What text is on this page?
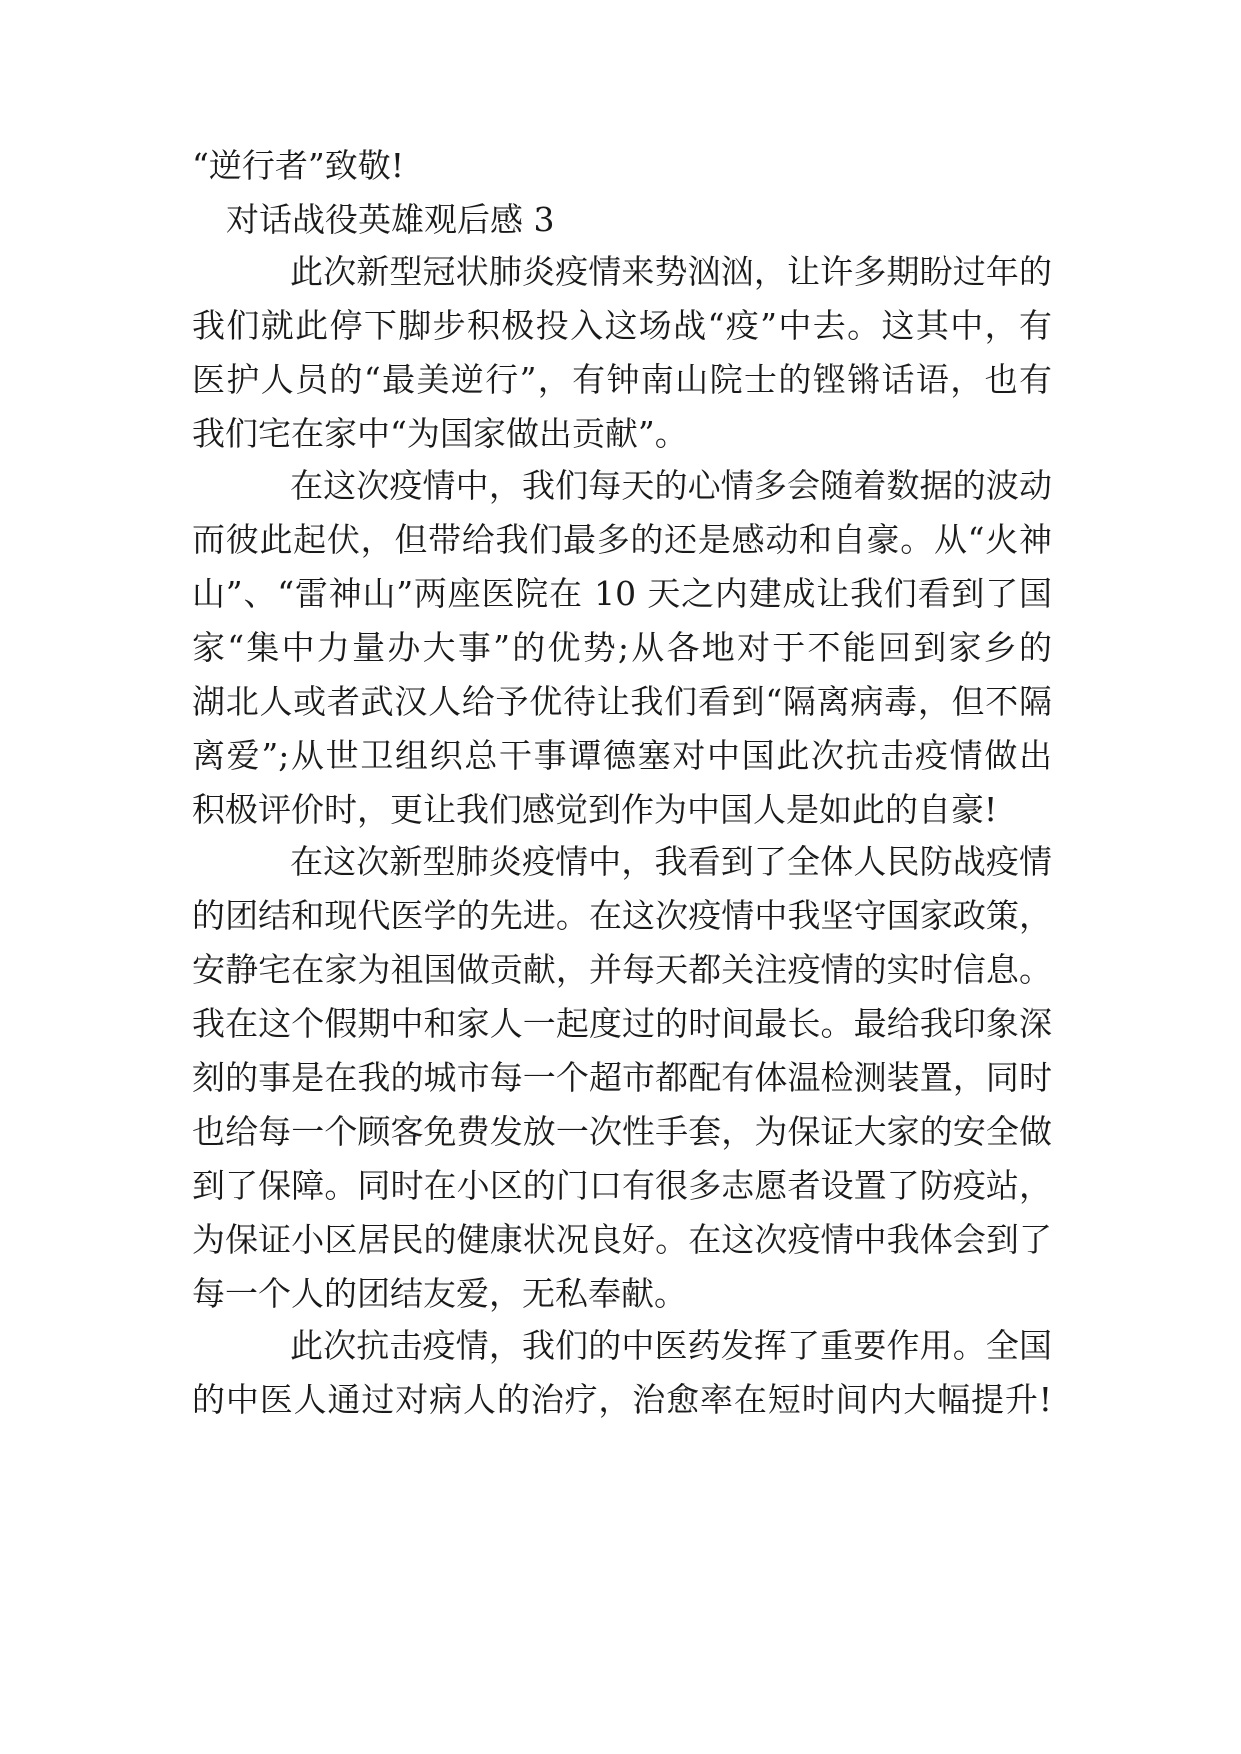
“逆行者”致敬!
对话战役英雄观后感 3
此次新型冠状肺炎疫情来势汹汹，让许多期盼过年的
我们就此停下脚步积极投入这场战“疫”中去。这其中，有
医护人员的“最美逆行”，有钟南山院士的铿锵话语，也有
我们宅在家中“为国家做出贡献”。
在这次疫情中，我们每天的心情多会随着数据的波动
而彼此起伏，但带给我们最多的还是感动和自豪。从“火神
山”、“雷神山”两座医院在 10 天之内建成让我们看到了国
家“集中力量办大事”的优势;从各地对于不能回到家乡的
湖北人或者武汉人给予优待让我们看到“隔离病毒，但不隔
离爱”;从世卫组织总干事谭德塞对中国此次抗击疫情做出
积极评价时，更让我们感觉到作为中国人是如此的自豪!
在这次新型肺炎疫情中，我看到了全体人民防战疫情
的团结和现代医学的先进。在这次疫情中我坚守国家政策，
安静宅在家为祖国做贡献，并每天都关注疫情的实时信息。
我在这个假期中和家人一起度过的时间最长。最给我印象深
刻的事是在我的城市每一个超市都配有体温检测装置，同时
也给每一个顾客免费发放一次性手套，为保证大家的安全做
到了保障。同时在小区的门口有很多志愿者设置了防疫站，
为保证小区居民的健康状况良好。在这次疫情中我体会到了
每一个人的团结友爱，无私奉献。
此次抗击疫情，我们的中医药发挥了重要作用。全国
的中医人通过对病人的治疗，治愈率在短时间内大幅提升!
